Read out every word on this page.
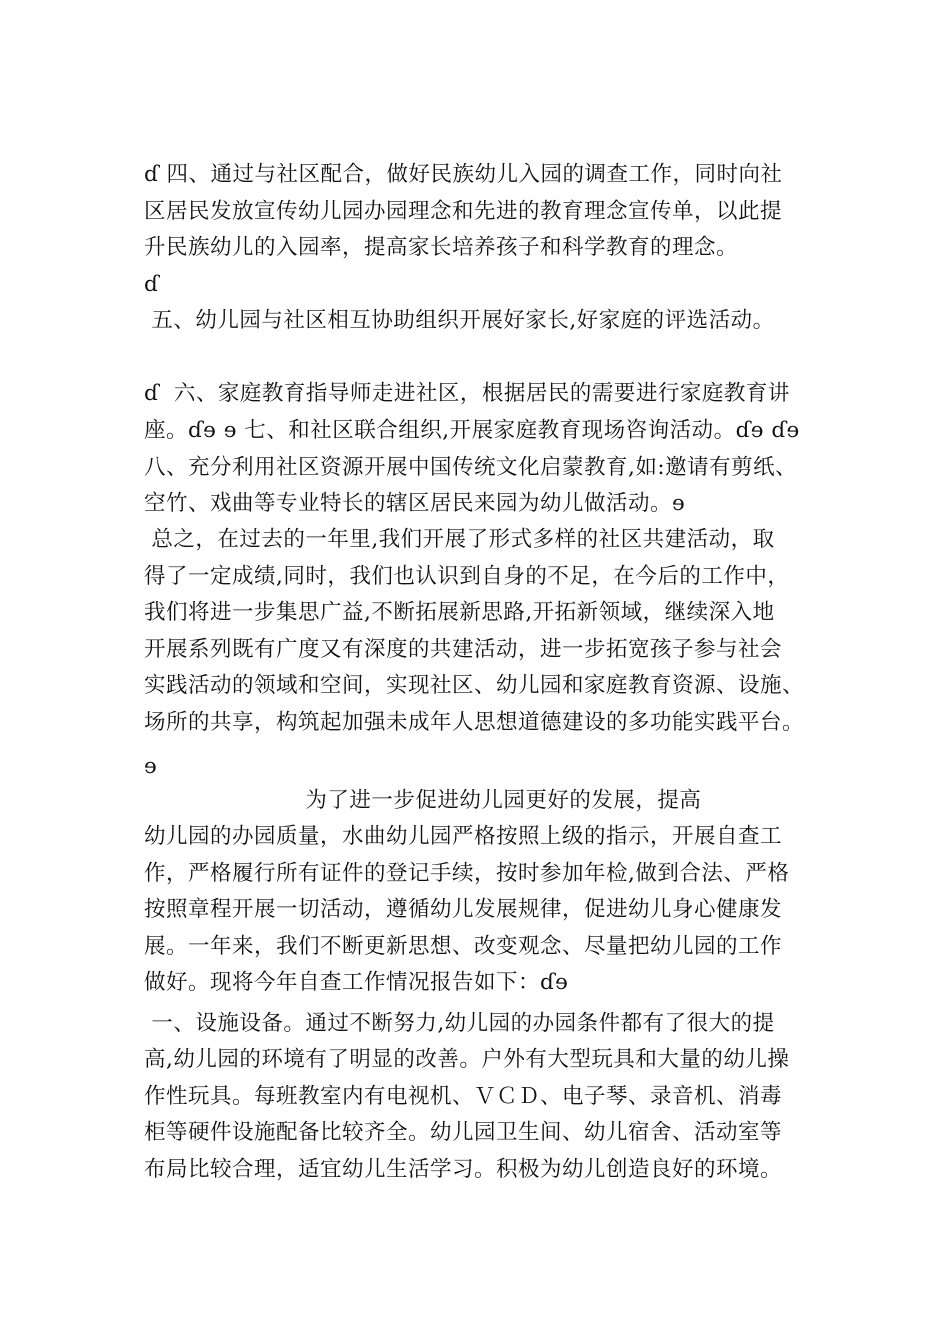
ɗ 四、通过与社区配合，做好民族幼儿入园的调查工作，同时向社
区居民发放宣传幼儿园办园理念和先进的教育理念宣传单，以此提
升民族幼儿的入园率，提高家长培养孩子和科学教育的理念。
ɗ
五、幼儿园与社区相互协助组织开展好家长,好家庭的评选活动。
ɗ  六、家庭教育指导师走进社区，根据居民的需要进行家庭教育讲
座。ɗɘ ɘ 七、和社区联合组织,开展家庭教育现场咨询活动。ɗɘ ɗɘ
八、充分利用社区资源开展中国传统文化启蒙教育,如:邀请有剪纸、
空竹、戏曲等专业特长的辖区居民来园为幼儿做活动。ɘ
总之，在过去的一年里,我们开展了形式多样的社区共建活动，取
得了一定成绩,同时，我们也认识到自身的不足，在今后的工作中，
我们将进一步集思广益,不断拓展新思路,开拓新领域，继续深入地
开展系列既有广度又有深度的共建活动，进一步拓宽孩子参与社会
实践活动的领域和空间，实现社区、幼儿园和家庭教育资源、设施、
场所的共享，构筑起加强未成年人思想道德建设的多功能实践平台。
ɘ
为了进一步促进幼儿园更好的发展，提高
幼儿园的办园质量，水曲幼儿园严格按照上级的指示，开展自查工
作，严格履行所有证件的登记手续，按时参加年检,做到合法、严格
按照章程开展一切活动，遵循幼儿发展规律，促进幼儿身心健康发
展。一年来，我们不断更新思想、改变观念、尽量把幼儿园的工作
做好。现将今年自查工作情况报告如下：ɗɘ
一、设施设备。通过不断努力,幼儿园的办园条件都有了很大的提
高,幼儿园的环境有了明显的改善。户外有大型玩具和大量的幼儿操
作性玩具。每班教室内有电视机、ＶＣＤ、电子琴、录音机、消毒
柜等硬件设施配备比较齐全。幼儿园卫生间、幼儿宿舍、活动室等
布局比较合理，适宜幼儿生活学习。积极为幼儿创造良好的环境。
